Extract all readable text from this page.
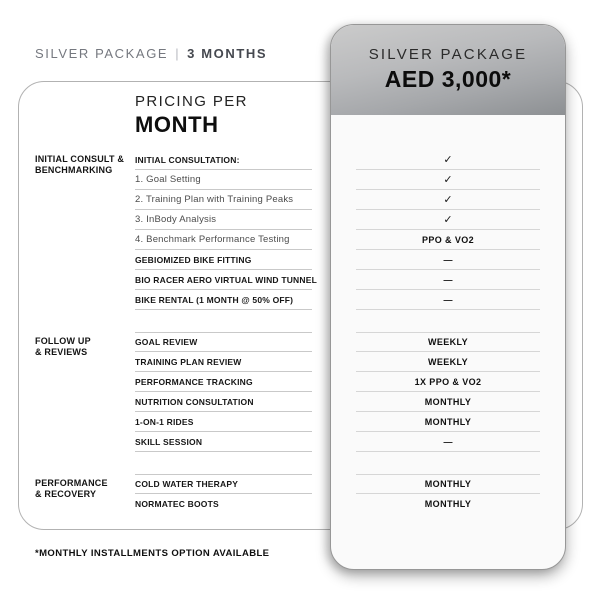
SILVER PACKAGE | 3 MONTHS
PRICING PER
MONTH
SILVER PACKAGE
AED 3,000*
INITIAL CONSULT &
BENCHMARKING
INITIAL CONSULTATION:	✓
1. Goal Setting	✓
2. Training Plan with Training Peaks	✓
3. InBody Analysis	✓
4. Benchmark Performance Testing	PPO & VO2
GEBIOMIZED BIKE FITTING	—
BIO RACER AERO VIRTUAL WIND TUNNEL	—
BIKE RENTAL (1 MONTH @ 50% OFF)	—
FOLLOW UP
& REVIEWS
GOAL REVIEW	WEEKLY
TRAINING PLAN REVIEW	WEEKLY
PERFORMANCE TRACKING	1X PPO & VO2
NUTRITION CONSULTATION	MONTHLY
1-ON-1 RIDES	MONTHLY
SKILL SESSION	—
PERFORMANCE
& RECOVERY
COLD WATER THERAPY	MONTHLY
NORMATEC BOOTS	MONTHLY
*MONTHLY INSTALLMENTS OPTION AVAILABLE
